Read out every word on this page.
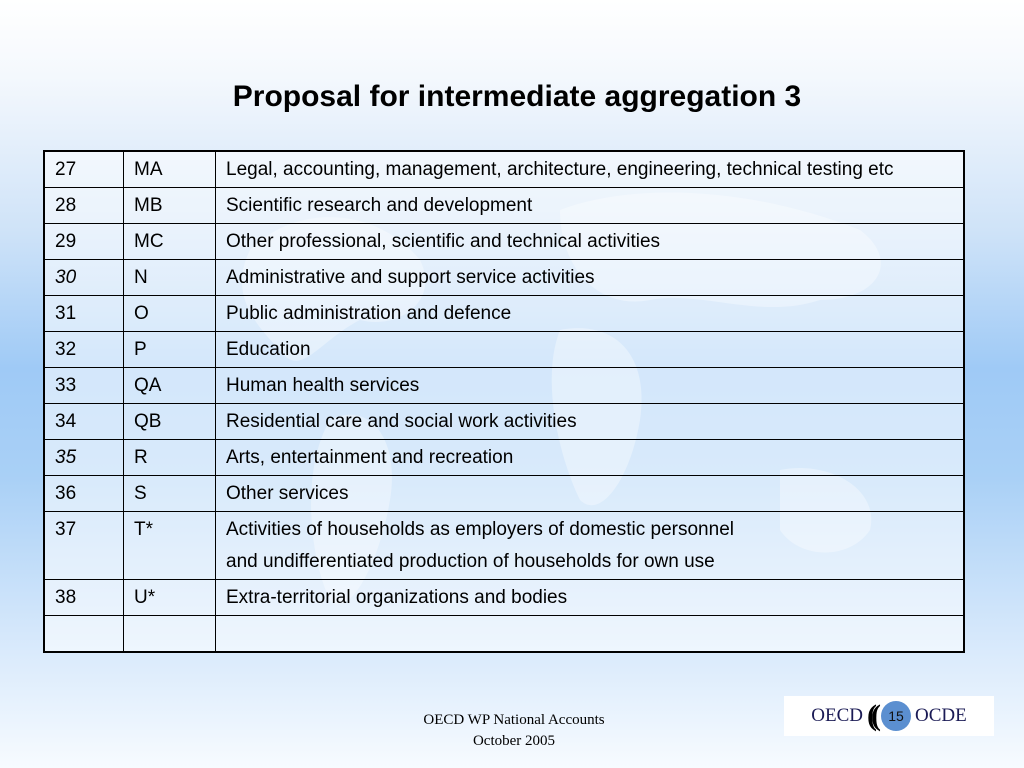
Proposal for intermediate aggregation 3
27	MA	Legal, accounting, management, architecture, engineering, technical testing etc
28	MB	Scientific research and development
29	MC	Other professional, scientific and technical activities
30	N	Administrative and support service activities
31	O	Public administration and defence
32	P	Education
33	QA	Human health services
34	QB	Residential care and social work activities
35	R	Arts, entertainment and recreation
36	S	Other services
37	T*	Activities of households as employers of domestic personnel
and undifferentiated production of households for own use

38	U*	Extra-territorial organizations and bodies

OECD WP National Accounts
October 2005
OECD (( 15 OCDE
